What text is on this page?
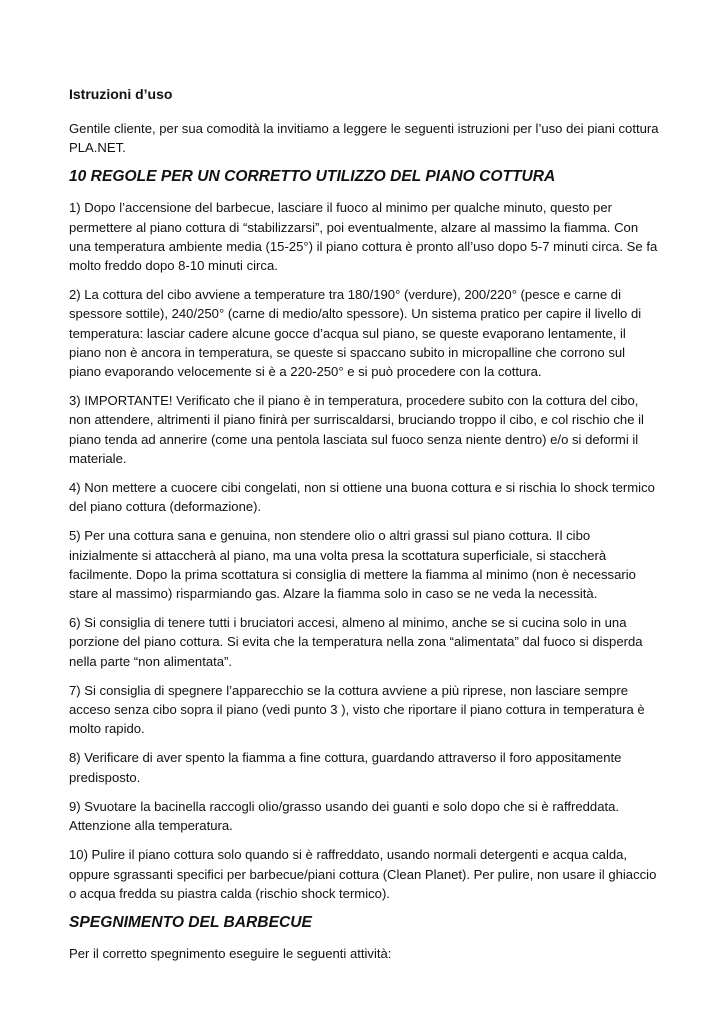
Istruzioni d’uso

Gentile cliente, per sua comodità la invitiamo a leggere le seguenti istruzioni per l’uso dei piani cottura PLA.NET.

10 REGOLE PER UN CORRETTO UTILIZZO DEL PIANO COTTURA

1) Dopo l’accensione del barbecue, lasciare il fuoco al minimo per qualche minuto, questo per permettere al piano cottura di “stabilizzarsi”, poi eventualmente, alzare al massimo la fiamma. Con una temperatura ambiente media (15-25°) il piano cottura è pronto all’uso dopo 5-7 minuti circa. Se fa molto freddo dopo 8-10 minuti circa.

2) La cottura del cibo avviene a temperature tra 180/190° (verdure), 200/220° (pesce e carne di spessore sottile), 240/250° (carne di medio/alto spessore). Un sistema pratico per capire il livello di temperatura: lasciar cadere alcune gocce d’acqua sul piano, se queste evaporano lentamente, il piano non è ancora in temperatura, se queste si spaccano subito in micropalline che corrono sul piano evaporando velocemente si è a 220-250° e si può procedere con la cottura.

3) IMPORTANTE! Verificato che il piano è in temperatura, procedere subito con la cottura del cibo, non attendere, altrimenti il piano finirà per surriscaldarsi, bruciando troppo il cibo, e col rischio che il piano tenda ad annerire (come una pentola lasciata sul fuoco senza niente dentro) e/o si deformi il materiale.

4) Non mettere a cuocere cibi congelati, non si ottiene una buona cottura e si rischia lo shock termico del piano cottura (deformazione).

5) Per una cottura sana e genuina, non stendere olio o altri grassi sul piano cottura. Il cibo inizialmente si attaccherà al piano, ma una volta presa la scottatura superficiale, si staccherà facilmente. Dopo la prima scottatura si consiglia di mettere la fiamma al minimo (non è necessario stare al massimo) risparmiando gas. Alzare la fiamma solo in caso se ne veda la necessità.

6) Si consiglia di tenere tutti i bruciatori accesi, almeno al minimo, anche se si cucina solo in una porzione del piano cottura. Si evita che la temperatura nella zona “alimentata” dal fuoco si disperda nella parte “non alimentata”.

7) Si consiglia di spegnere l’apparecchio se la cottura avviene a più riprese, non lasciare sempre acceso senza cibo sopra il piano (vedi punto 3 ), visto che riportare il piano cottura in temperatura è molto rapido.

8) Verificare di aver spento la fiamma a fine cottura, guardando attraverso il foro appositamente predisposto.

9) Svuotare la bacinella raccogli olio/grasso usando dei guanti e solo dopo che si è raffreddata. Attenzione alla temperatura.

10) Pulire il piano cottura solo quando si è raffreddato, usando normali detergenti e acqua calda, oppure sgrassanti specifici per barbecue/piani cottura (Clean Planet). Per pulire, non usare il ghiaccio o acqua fredda su piastra calda (rischio shock termico).

SPEGNIMENTO DEL BARBECUE

Per il corretto spegnimento eseguire le seguenti attività:
